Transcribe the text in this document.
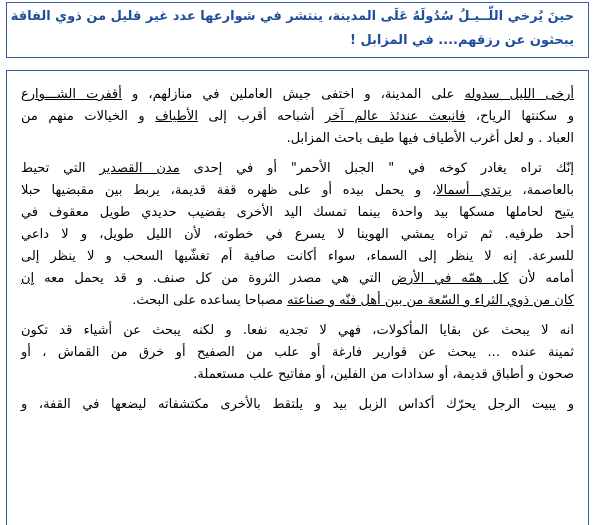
حينَ يُرخي اللّــيـلُ سُدُولَهُ عَلَى المدينة، ينتشر في شوارعها عدد غير قليل من ذوي الفاقة
يبحثون عن رزقهم.... في المزابل !
أرخى الليل سدوله على المدينة، و اختفى جيش العاملين في منازلهم، و أقفرت الشـــوارع
و سكنتها الرياح، فانبعث عندئذ عالم آخر أشباحه أقرب إلى الأطياف و الخيالات منهم من
العباد . و لعل أغرب الأطياف فيها طيف باحث المزابل.
إنّك تراه يغادر كوخه في " الجبل الأحمر" أو في إحدى مدن القصدير التي تحيط
بالعاصمة، يرتدي أسمالا، و يحمل بيده أو على ظهره قفة قديمة، يربط بين مقبضيها حبلا
يتيح لحاملها مسكها بيد واحدة بينما تمسك اليد الأخرى بقضيب حديدي طويل معقوف في
أحد طرفيه. ثم تراه يمشي الهوينا لا يسرع في خطوته، لأن الليل طويل، و لا داعي
للسرعة. إنه لا ينظر إلى السماء، سواء أكانت صافية أم تغشّيها السحب و لا ينظر إلى
أمامه لأن كل همّه في الأرض التي هي مصدر الثروة من كل صنف. و قد يحمل معه إن
كان من ذوي الثراء و السّعة من بين أهل فنّه و صناعته مصباحا يساعده على البحث.
انه لا يبحث عن بقايا المأكولات، فهي لا تجديه نفعا. و لكنه يبحث عن أشياء قد تكون
ثمينة عنده ... يبحث عن قوارير فارغة أو علب من الصفيح أو خرق من القماش ، أو
صحون و أطباق قديمة، أو سدادات من الفلين، أو مفاتيح علب مستعملة.
و يبيت الرجل يحرّك أكداس الزبل بيد و يلتقط بالأخرى مكتشفاته ليضعها في القفة، و
